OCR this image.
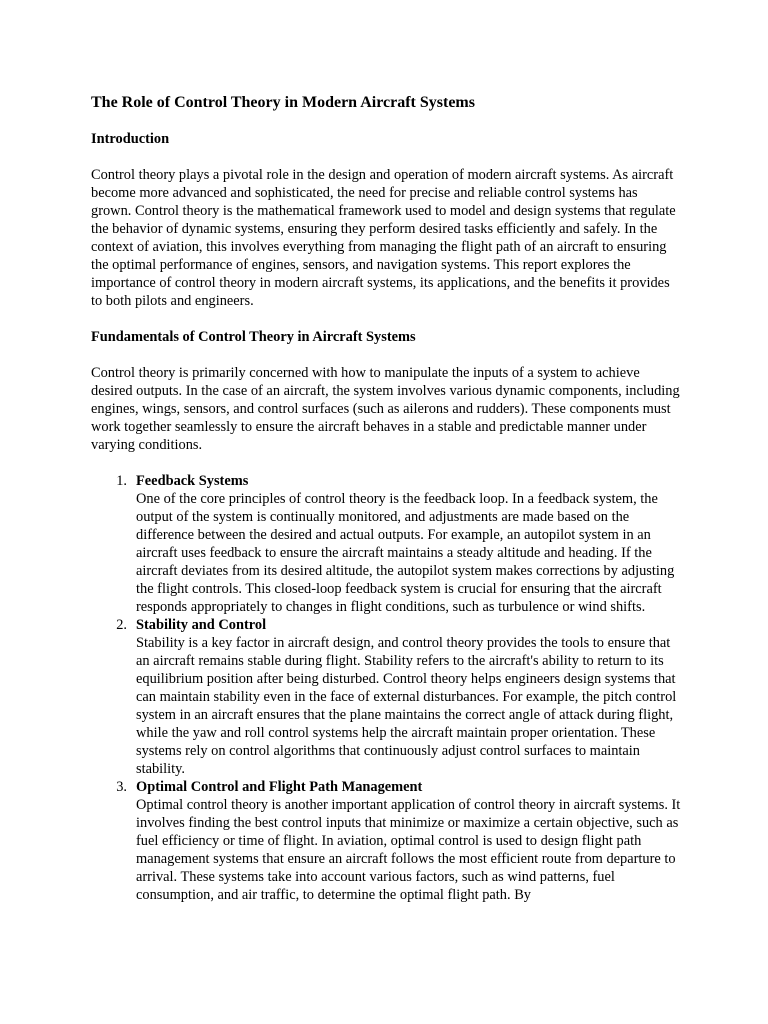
The Role of Control Theory in Modern Aircraft Systems
Introduction

Control theory plays a pivotal role in the design and operation of modern aircraft systems. As aircraft become more advanced and sophisticated, the need for precise and reliable control systems has grown. Control theory is the mathematical framework used to model and design systems that regulate the behavior of dynamic systems, ensuring they perform desired tasks efficiently and safely. In the context of aviation, this involves everything from managing the flight path of an aircraft to ensuring the optimal performance of engines, sensors, and navigation systems. This report explores the importance of control theory in modern aircraft systems, its applications, and the benefits it provides to both pilots and engineers.

Fundamentals of Control Theory in Aircraft Systems

Control theory is primarily concerned with how to manipulate the inputs of a system to achieve desired outputs. In the case of an aircraft, the system involves various dynamic components, including engines, wings, sensors, and control surfaces (such as ailerons and rudders). These components must work together seamlessly to ensure the aircraft behaves in a stable and predictable manner under varying conditions.

1. Feedback Systems
One of the core principles of control theory is the feedback loop. In a feedback system, the output of the system is continually monitored, and adjustments are made based on the difference between the desired and actual outputs. For example, an autopilot system in an aircraft uses feedback to ensure the aircraft maintains a steady altitude and heading. If the aircraft deviates from its desired altitude, the autopilot system makes corrections by adjusting the flight controls. This closed-loop feedback system is crucial for ensuring that the aircraft responds appropriately to changes in flight conditions, such as turbulence or wind shifts.
2. Stability and Control
Stability is a key factor in aircraft design, and control theory provides the tools to ensure that an aircraft remains stable during flight. Stability refers to the aircraft's ability to return to its equilibrium position after being disturbed. Control theory helps engineers design systems that can maintain stability even in the face of external disturbances. For example, the pitch control system in an aircraft ensures that the plane maintains the correct angle of attack during flight, while the yaw and roll control systems help the aircraft maintain proper orientation. These systems rely on control algorithms that continuously adjust control surfaces to maintain stability.
3. Optimal Control and Flight Path Management
Optimal control theory is another important application of control theory in aircraft systems. It involves finding the best control inputs that minimize or maximize a certain objective, such as fuel efficiency or time of flight. In aviation, optimal control is used to design flight path management systems that ensure an aircraft follows the most efficient route from departure to arrival. These systems take into account various factors, such as wind patterns, fuel consumption, and air traffic, to determine the optimal flight path. By
